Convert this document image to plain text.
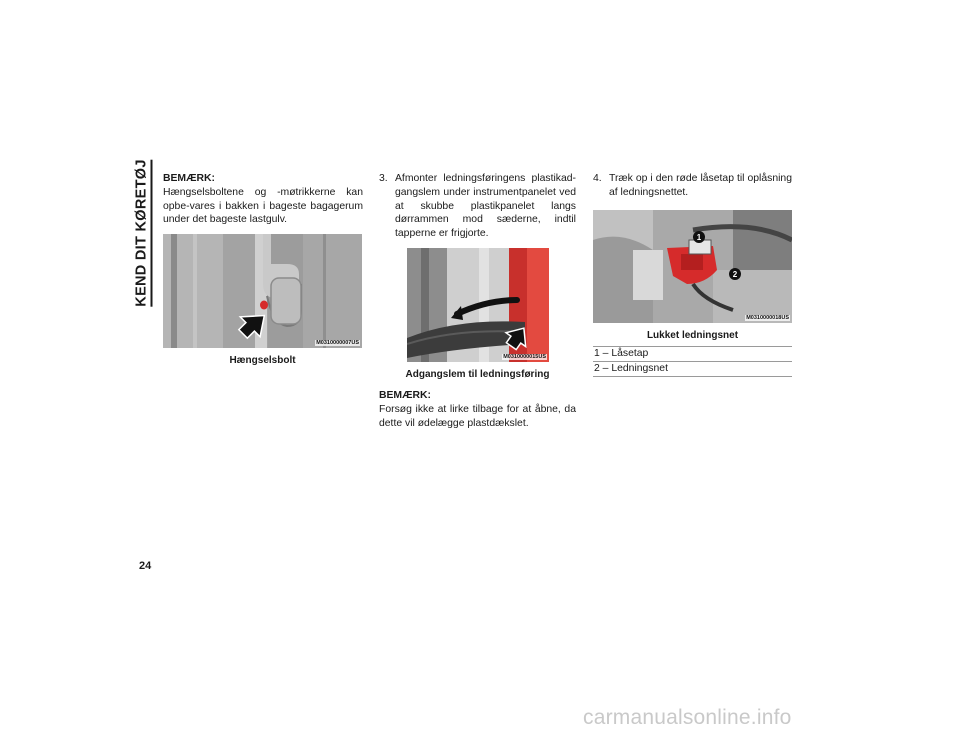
KEND DIT KØRETØJ BEMÆRK:
Hængselsboltene og -møtrikkerne kan opbe-vares i bakken i bageste bagagerum under det bageste lastgulv.
M0310000007US
Hængselsbolt
3. Afmonter ledningsføringens plastikad-gangslem under instrumentpanelet ved at skubbe plastikpanelet langs dørrammen mod sæderne, indtil tapperne er frigjorte.
M0310000015US
Adgangslem til ledningsføring
BEMÆRK:
Forsøg ikke at lirke tilbage for at åbne, da dette vil ødelægge plastdækslet.
4. Træk op i den røde låsetap til oplåsning af ledningsnettet.
1
2
M0310000018US
Lukket ledningsnet
1 – Låsetap
2 – Ledningsnet
24
carmanualsonline.info
